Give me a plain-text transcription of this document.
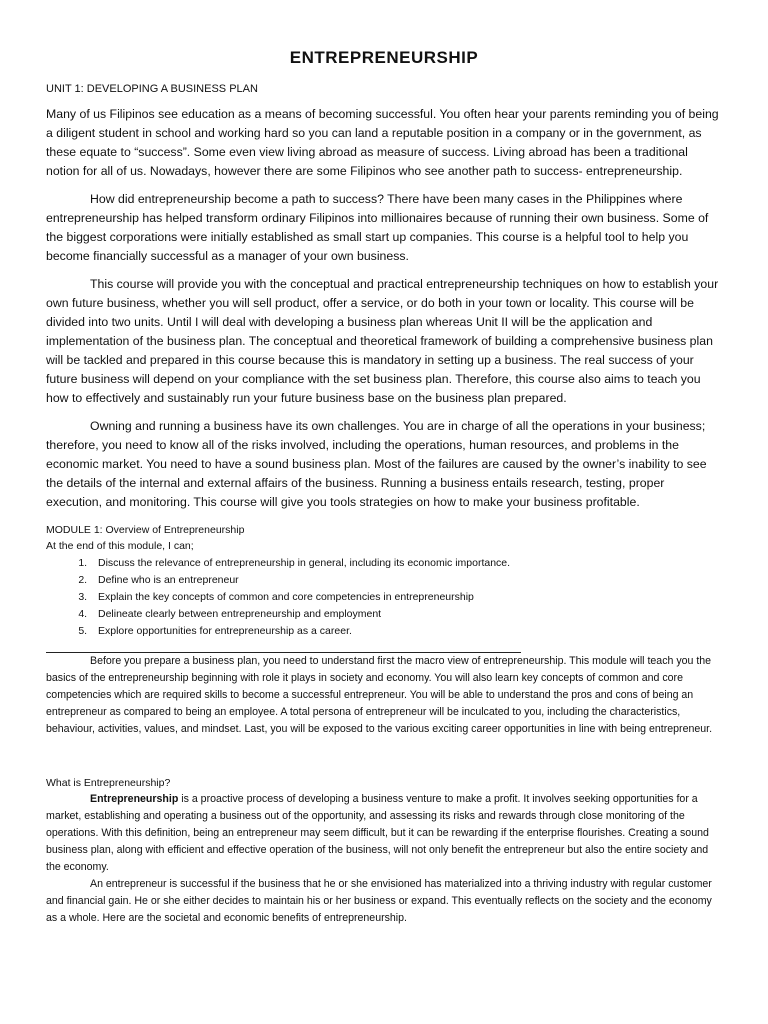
ENTREPRENEURSHIP
UNIT 1: DEVELOPING A BUSINESS PLAN

Many of us Filipinos see education as a means of becoming successful. You often hear your parents reminding you of being a diligent student in school and working hard so you can land a reputable position in a company or in the government, as these equate to “success”. Some even view living abroad as measure of success. Living abroad has been a traditional notion for all of us. Nowadays, however there are some Filipinos who see another path to success- entrepreneurship.

How did entrepreneurship become a path to success? There have been many cases in the Philippines where entrepreneurship has helped transform ordinary Filipinos into millionaires because of running their own business. Some of the biggest corporations were initially established as small start up companies. This course is a helpful tool to help you become financially successful as a manager of your own business.

This course will provide you with the conceptual and practical entrepreneurship techniques on how to establish your own future business, whether you will sell product, offer a service, or do both in your town or locality. This course will be divided into two units. Until I will deal with developing a business plan whereas Unit II will be the application and implementation of the business plan. The conceptual and theoretical framework of building a comprehensive business plan will be tackled and prepared in this course because this is mandatory in setting up a business. The real success of your future business will depend on your compliance with the set business plan. Therefore, this course also aims to teach you how to effectively and sustainably run your future business base on the business plan prepared.

Owning and running a business have its own challenges. You are in charge of all the operations in your business; therefore, you need to know all of the risks involved, including the operations, human resources, and problems in the economic market. You need to have a sound business plan. Most of the failures are caused by the owner’s inability to see the details of the internal and external affairs of the business. Running a business entails research, testing, proper execution, and monitoring. This course will give you tools strategies on how to make your business profitable.

MODULE 1: Overview of Entrepreneurship
At the end of this module, I can;
1. Discuss the relevance of entrepreneurship in general, including its economic importance.
2. Define who is an entrepreneur
3. Explain the key concepts of common and core competencies in entrepreneurship
4. Delineate clearly between entrepreneurship and employment
5. Explore opportunities for entrepreneurship as a career.

Before you prepare a business plan, you need to understand first the macro view of entrepreneurship. This module will teach you the basics of the entrepreneurship beginning with role it plays in society and economy. You will also learn key concepts of common and core competencies which are required skills to become a successful entrepreneur. You will be able to understand the pros and cons of being an entrepreneur as compared to being an employee. A total persona of entrepreneur will be inculcated to you, including the characteristics, behaviour, activities, values, and mindset. Last, you will be exposed to the various exciting career opportunities in line with being entrepreneur.

What is Entrepreneurship?

Entrepreneurship is a proactive process of developing a business venture to make a profit. It involves seeking opportunities for a market, establishing and operating a business out of the opportunity, and assessing its risks and rewards through close monitoring of the operations. With this definition, being an entrepreneur may seem difficult, but it can be rewarding if the enterprise flourishes. Creating a sound business plan, along with efficient and effective operation of the business, will not only benefit the entrepreneur but also the entire society and the economy.

An entrepreneur is successful if the business that he or she envisioned has materialized into a thriving industry with regular customer and financial gain. He or she either decides to maintain his or her business or expand. This eventually reflects on the society and the economy as a whole. Here are the societal and economic benefits of entrepreneurship.
